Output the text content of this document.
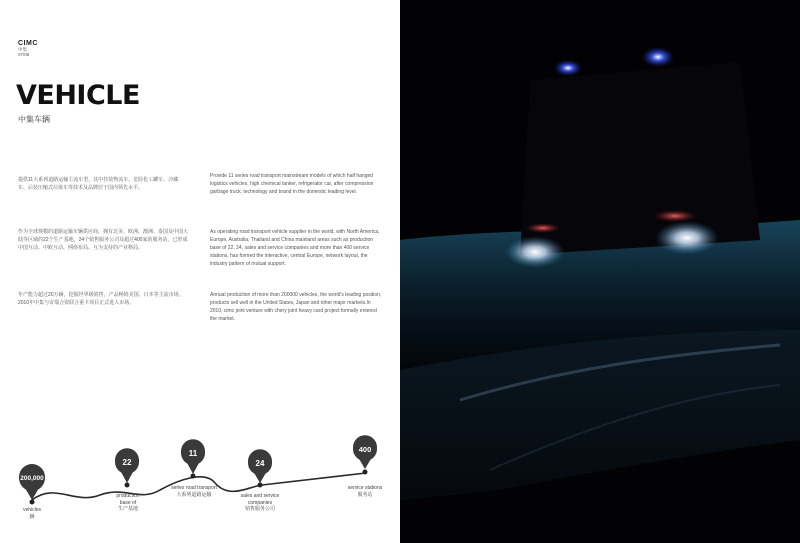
CIMC
中集
07/08
VEHICLE
中集车辆
提供11大系列道路运输主流车型，其中挂装物流车、危险化工罐车、冷藏车、后装压缩式垃圾车等技术及品牌居于国内领先水平。
Provide 11 series road transport mainstream models of which half hanged logistics vehicles, high chemical tanker, refrigerator car, after compression garbage truck, technology and brand in the domestic leading level.
作为全球规模的道路运输车辆供应商，拥有北美、欧洲、澳洲、泰国及中国大陆等区域的22个生产基地，24个销售服务公司及超过400家的服务站，已形成中国互动、中欧互动、网络布局、互为支持的产业格局。
As operating road transport vehicle supplier in the world, with North America, Europe, Australia, Thailand and China mainland areas such as production base of 22, 24, sales and service companies and more than 400 service stations, has formed the interactive, central Europe, network layout, the industry pattern of mutual support.
年产能力超过20万辆，挖掘世界级销售，产品畅销美国、日本等主流市场。2010年中集与奇瑞合资联合重卡项目正式进入市场。
Annual production of more than 200000 vehicles, the world's leading position, products sell well in the United States, Japan and other major markets.In 2010, cimc joint venture with chery joint heavy card project formally entered the market.
200,000
22
11
24
400
vehicles
辆
production base of
生产基地
series road transport
大系列道路运输	sales and service companies
销售服务公司
service stations
服务站
